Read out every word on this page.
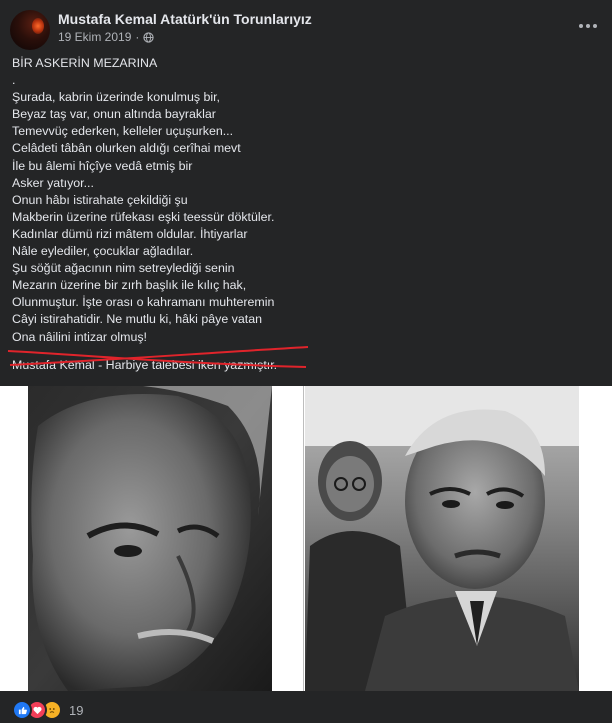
Mustafa Kemal Atatürk'ün Torunlarıyız
19 Ekim 2019 ·
BİR ASKERİN MEZARINA
.
Şurada, kabrin üzerinde konulmuş bir,
Beyaz taş var, onun altında bayraklar
Temevvüç ederken, kelleler uçuşurken...
Celâdeti tâbân olurken aldığı cerîhai mevt
İle bu âlemi hîçîye vedâ etmiş bir
Asker yatıyor...
Onun hâbı istirahate çekildiği şu
Makberin üzerine rüfekası eşki teessür döktüler.
Kadınlar dümü rizi mâtem oldular. İhtiyarlar
Nâle eylediler, çocuklar ağladılar.
Şu söğüt ağacının nim setreylediği senin
Mezarın üzerine bir zırh başlık ile kılıç hak,
Olunmuştur. İşte orası o kahramanı muhteremin
Câyi istirahatidir. Ne mutlu ki, hâki pâye vatan
Ona nâilini intizar olmuş!
Mustafa Kemal - Harbiye talebesi iken yazmıştır.
19
